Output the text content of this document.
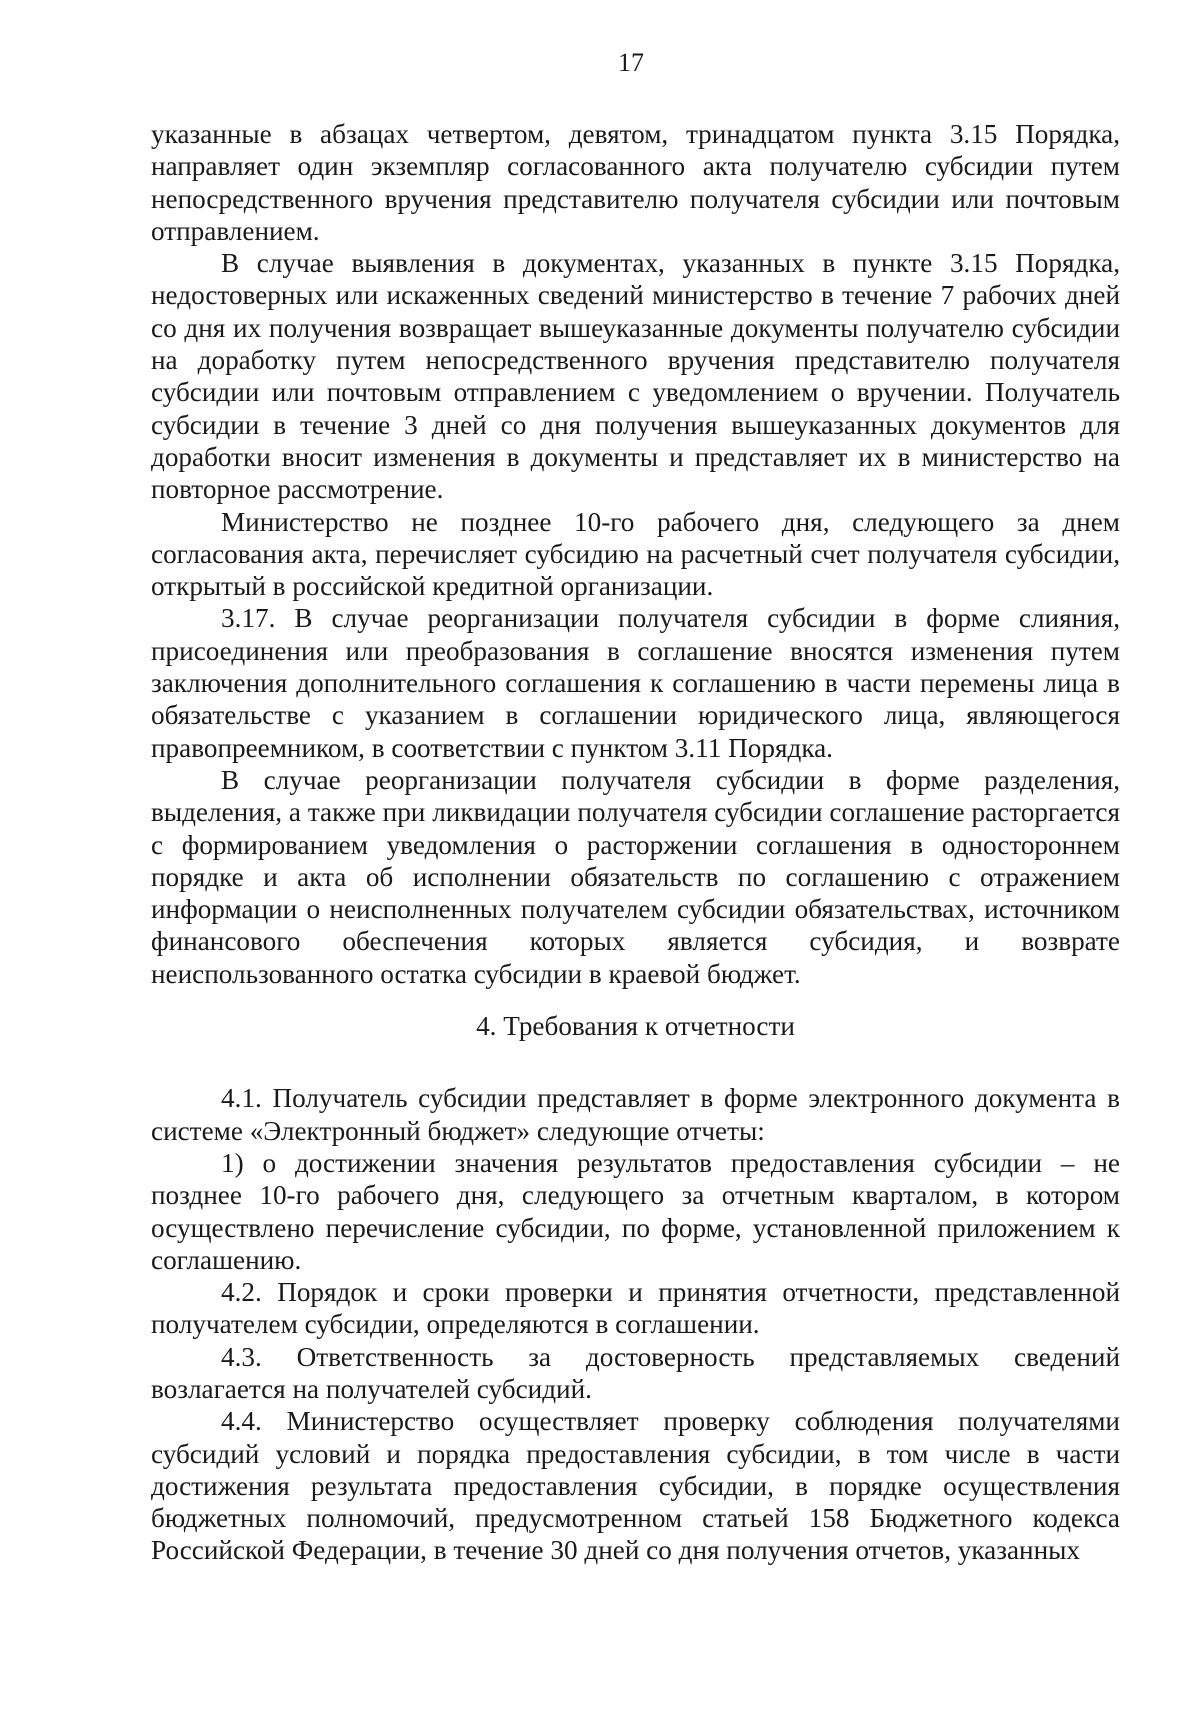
17

указанные в абзацах четвертом, девятом, тринадцатом пункта 3.15 Порядка, направляет один экземпляр согласованного акта получателю субсидии путем непосредственного вручения представителю получателя субсидии или почтовым отправлением.

В случае выявления в документах, указанных в пункте 3.15 Порядка, недостоверных или искаженных сведений министерство в течение 7 рабочих дней со дня их получения возвращает вышеуказанные документы получателю субсидии на доработку путем непосредственного вручения представителю получателя субсидии или почтовым отправлением с уведомлением о вручении. Получатель субсидии в течение 3 дней со дня получения вышеуказанных документов для доработки вносит изменения в документы и представляет их в министерство на повторное рассмотрение.

Министерство не позднее 10-го рабочего дня, следующего за днем согласования акта, перечисляет субсидию на расчетный счет получателя субсидии, открытый в российской кредитной организации.

3.17. В случае реорганизации получателя субсидии в форме слияния, присоединения или преобразования в соглашение вносятся изменения путем заключения дополнительного соглашения к соглашению в части перемены лица в обязательстве с указанием в соглашении юридического лица, являющегося правопреемником, в соответствии с пунктом 3.11 Порядка.

В случае реорганизации получателя субсидии в форме разделения, выделения, а также при ликвидации получателя субсидии соглашение расторгается с формированием уведомления о расторжении соглашения в одностороннем порядке и акта об исполнении обязательств по соглашению с отражением информации о неисполненных получателем субсидии обязательствах, источником финансового обеспечения которых является субсидия, и возврате неиспользованного остатка субсидии в краевой бюджет.

4. Требования к отчетности

4.1. Получатель субсидии представляет в форме электронного документа в системе «Электронный бюджет» следующие отчеты:

1) о достижении значения результатов предоставления субсидии – не позднее 10-го рабочего дня, следующего за отчетным кварталом, в котором осуществлено перечисление субсидии, по форме, установленной приложением к соглашению.

4.2. Порядок и сроки проверки и принятия отчетности, представленной получателем субсидии, определяются в соглашении.

4.3. Ответственность за достоверность представляемых сведений возлагается на получателей субсидий.

4.4. Министерство осуществляет проверку соблюдения получателями субсидий условий и порядка предоставления субсидии, в том числе в части достижения результата предоставления субсидии, в порядке осуществления бюджетных полномочий, предусмотренном статьей 158 Бюджетного кодекса Российской Федерации, в течение 30 дней со дня получения отчетов, указанных
